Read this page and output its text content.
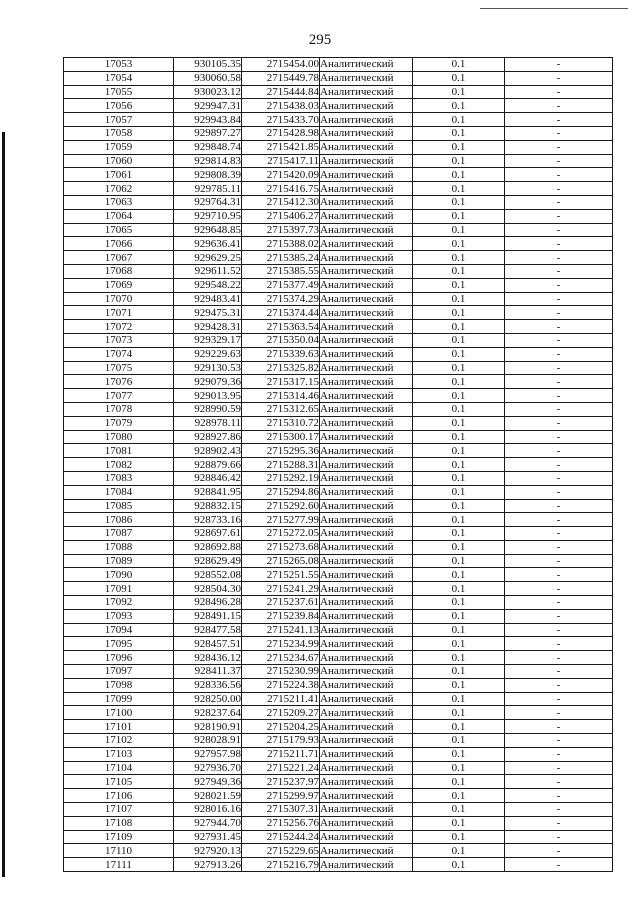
295
17053	930105.35	2715454.00	Аналитический	0.1	-
17054	930060.58	2715449.78	Аналитический	0.1	-
17055	930023.12	2715444.84	Аналитический	0.1	-
17056	929947.31	2715438.03	Аналитический	0.1	-
17057	929943.84	2715433.70	Аналитический	0.1	-
17058	929897.27	2715428.98	Аналитический	0.1	-
17059	929848.74	2715421.85	Аналитический	0.1	-
17060	929814.83	2715417.11	Аналитический	0.1	-
17061	929808.39	2715420.09	Аналитический	0.1	-
17062	929785.11	2715416.75	Аналитический	0.1	-
17063	929764.31	2715412.30	Аналитический	0.1	-
17064	929710.95	2715406.27	Аналитический	0.1	-
17065	929648.85	2715397.73	Аналитический	0.1	-
17066	929636.41	2715388.02	Аналитический	0.1	-
17067	929629.25	2715385.24	Аналитический	0.1	-
17068	929611.52	2715385.55	Аналитический	0.1	-
17069	929548.22	2715377.49	Аналитический	0.1	-
17070	929483.41	2715374.29	Аналитический	0.1	-
17071	929475.31	2715374.44	Аналитический	0.1	-
17072	929428.31	2715363.54	Аналитический	0.1	-
17073	929329.17	2715350.04	Аналитический	0.1	-
17074	929229.63	2715339.63	Аналитический	0.1	-
17075	929130.53	2715325.82	Аналитический	0.1	-
17076	929079.36	2715317.15	Аналитический	0.1	-
17077	929013.95	2715314.46	Аналитический	0.1	-
17078	928990.59	2715312.65	Аналитический	0.1	-
17079	928978.11	2715310.72	Аналитический	0.1	-
17080	928927.86	2715300.17	Аналитический	0.1	-
17081	928902.43	2715295.36	Аналитический	0.1	-
17082	928879.66	2715288.31	Аналитический	0.1	-
17083	928846.42	2715292.19	Аналитический	0.1	-
17084	928841.95	2715294.86	Аналитический	0.1	-
17085	928832.15	2715292.60	Аналитический	0.1	-
17086	928733.16	2715277.99	Аналитический	0.1	-
17087	928697.61	2715272.05	Аналитический	0.1	-
17088	928692.88	2715273.68	Аналитический	0.1	-
17089	928629.49	2715265.08	Аналитический	0.1	-
17090	928552.08	2715251.55	Аналитический	0.1	-
17091	928504.30	2715241.29	Аналитический	0.1	-
17092	928496.28	2715237.61	Аналитический	0.1	-
17093	928491.15	2715239.84	Аналитический	0.1	-
17094	928477.58	2715241.13	Аналитический	0.1	-
17095	928457.51	2715234.99	Аналитический	0.1	-
17096	928436.12	2715234.67	Аналитический	0.1	-
17097	928411.37	2715230.99	Аналитический	0.1	-
17098	928336.56	2715224.38	Аналитический	0.1	-
17099	928250.00	2715211.41	Аналитический	0.1	-
17100	928237.64	2715209.27	Аналитический	0.1	-
17101	928190.91	2715204.25	Аналитический	0.1	-
17102	928028.91	2715179.93	Аналитический	0.1	-
17103	927957.98	2715211.71	Аналитический	0.1	-
17104	927936.70	2715221.24	Аналитический	0.1	-
17105	927949.36	2715237.97	Аналитический	0.1	-
17106	928021.59	2715299.97	Аналитический	0.1	-
17107	928016.16	2715307.31	Аналитический	0.1	-
17108	927944.70	2715256.76	Аналитический	0.1	-
17109	927931.45	2715244.24	Аналитический	0.1	-
17110	927920.13	2715229.65	Аналитический	0.1	-
17111	927913.26	2715216.79	Аналитический	0.1	-
